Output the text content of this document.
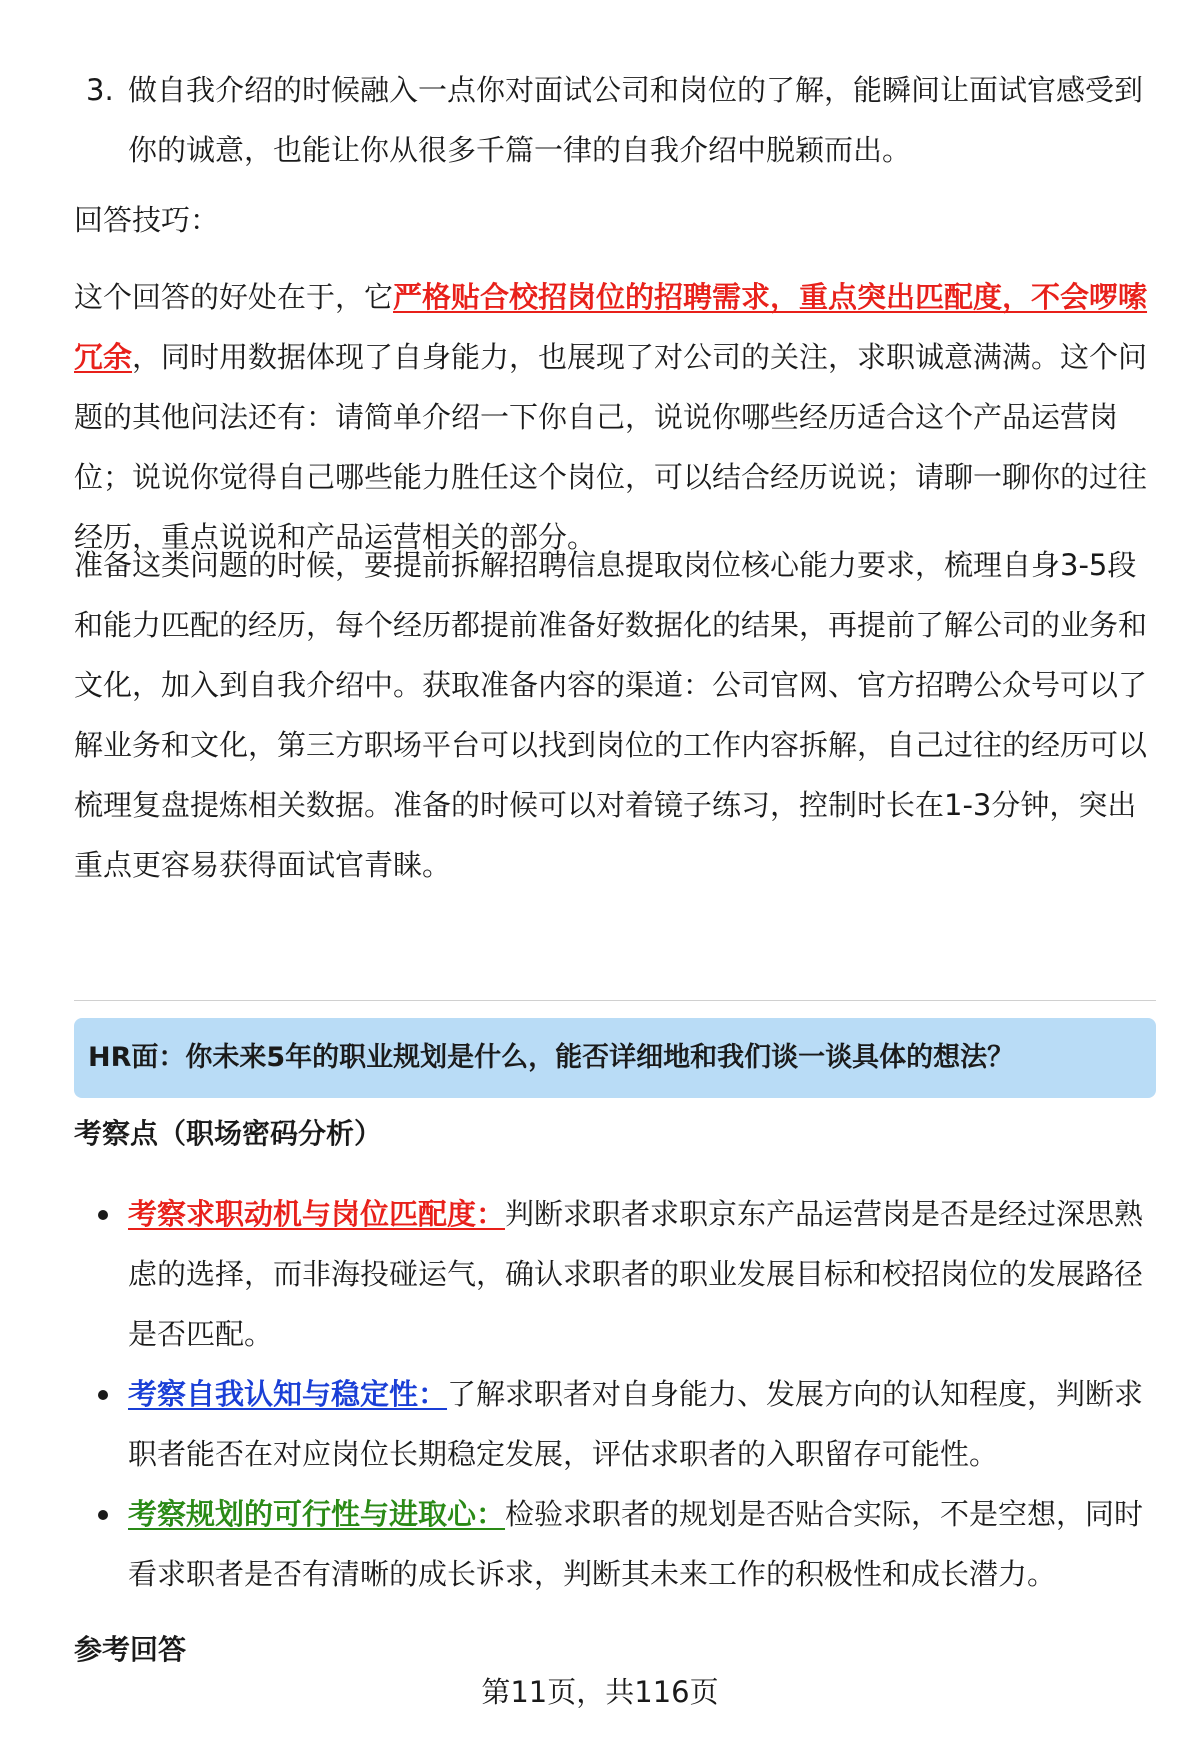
3. 做自我介绍的时候融入一点你对面试公司和岗位的了解，能瞬间让面试官感受到你的诚意，也能让你从很多千篇一律的自我介绍中脱颖而出。
回答技巧：
这个回答的好处在于，它严格贴合校招岗位的招聘需求，重点突出匹配度，不会啰嗦冗余，同时用数据体现了自身能力，也展现了对公司的关注，求职诚意满满。这个问题的其他问法还有：请简单介绍一下你自己，说说你哪些经历适合这个产品运营岗位；说说你觉得自己哪些能力胜任这个岗位，可以结合经历说说；请聊一聊你的过往经历，重点说说和产品运营相关的部分。
准备这类问题的时候，要提前拆解招聘信息提取岗位核心能力要求，梳理自身3-5段和能力匹配的经历，每个经历都提前准备好数据化的结果，再提前了解公司的业务和文化，加入到自我介绍中。获取准备内容的渠道：公司官网、官方招聘公众号可以了解业务和文化，第三方职场平台可以找到岗位的工作内容拆解，自己过往的经历可以梳理复盘提炼相关数据。准备的时候可以对着镜子练习，控制时长在1-3分钟，突出重点更容易获得面试官青睐。
HR面：你未来5年的职业规划是什么，能否详细地和我们谈一谈具体的想法？
考察点（职场密码分析）
考察求职动机与岗位匹配度：判断求职者求职京东产品运营岗是否是经过深思熟虑的选择，而非海投碰运气，确认求职者的职业发展目标和校招岗位的发展路径是否匹配。
考察自我认知与稳定性：了解求职者对自身能力、发展方向的认知程度，判断求职者能否在对应岗位长期稳定发展，评估求职者的入职留存可能性。
考察规划的可行性与进取心：检验求职者的规划是否贴合实际，不是空想，同时看求职者是否有清晰的成长诉求，判断其未来工作的积极性和成长潜力。
参考回答
第11页，共116页
